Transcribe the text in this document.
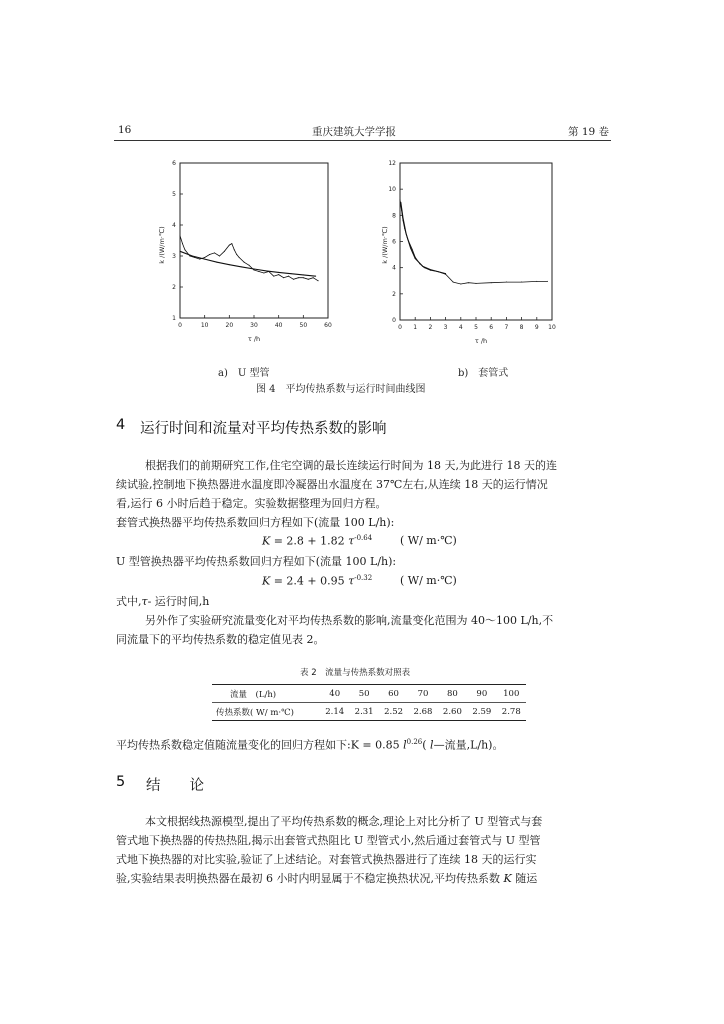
16	重庆建筑大学学报	第 19 卷
0	10	20	30	40	50	60
1
2
3
4
5
6
k /(W/m·℃)
τ /h
0 1 2 3 4 5 6 7 8 9 10
0
2
4
6
8
10
12
k /(W/m·℃)
τ /h
a)　U 型管	b)　套管式
图 4　平均传热系数与运行时间曲线图
4 运行时间和流量对平均传热系数的影响
根据我们的前期研究工作,住宅空调的最长连续运行时间为 18 天,为此进行 18 天的连
续试验,控制地下换热器进水温度即冷凝器出水温度在 37℃左右,从连续 18 天的运行情况
看,运行 6 小时后趋于稳定。实验数据整理为回归方程。
套管式换热器平均传热系数回归方程如下(流量 100 L/h):
K = 2.8 + 1.82 $\tau^{-0.64}$	( W/ m·℃)
U 型管换热器平均传热系数回归方程如下(流量 100 L/h):
K = 2.4 + 0.95 $\tau^{-0.32}$	( W/ m·℃)
式中,τ- 运行时间,h
另外作了实验研究流量变化对平均传热系数的影响,流量变化范围为 40～100 L/h,不
同流量下的平均传热系数的稳定值见表 2。
表 2　流量与传热系数对照表
流量　(L/h)	40	50	60	70	80	90	100
传热系数( W/ m·℃)	2.14	2.31	2.52	2.68	2.60	2.59	2.78
平均传热系数稳定值随流量变化的回归方程如下:K = 0.85 $l^{0.26}$( l—流量,L/h)。
5 结　　论
本文根据线热源模型,提出了平均传热系数的概念,理论上对比分析了 U 型管式与套
管式地下换热器的传热热阻,揭示出套管式热阻比 U 型管式小,然后通过套管式与 U 型管
式地下换热器的对比实验,验证了上述结论。对套管式换热器进行了连续 18 天的运行实
验,实验结果表明换热器在最初 6 小时内明显属于不稳定换热状况,平均传热系数 K 随运
